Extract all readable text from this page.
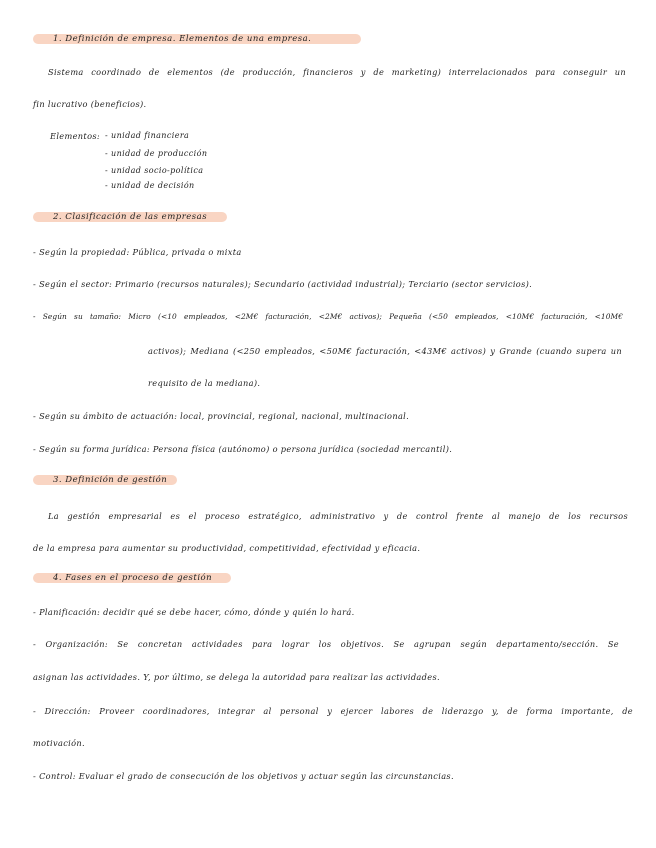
1. Definición de empresa. Elementos de una empresa.
Sistema coordinado de elementos (de producción, financieros y de marketing) interrelacionados para conseguir un
fin lucrativo (beneficios).
Elementos: - unidad financiera
- unidad de producción
- unidad socio-política
- unidad de decisión
2. Clasificación de las empresas
- Según la propiedad: Pública, privada o mixta
- Según el sector: Primario (recursos naturales); Secundario (actividad industrial); Terciario (sector servicios).
- Según su tamaño: Micro (<10 empleados, <2M€ facturación, <2M€ activos); Pequeña (<50 empleados, <10M€ facturación, <10M€
activos); Mediana (<250 empleados, <50M€ facturación, <43M€ activos) y Grande (cuando supera un
requisito de la mediana).
- Según su ámbito de actuación: local, provincial, regional, nacional, multinacional.
- Según su forma jurídica: Persona física (autónomo) o persona jurídica (sociedad mercantil).
3. Definición de gestión
La gestión empresarial es el proceso estratégico, administrativo y de control frente al manejo de los recursos
de la empresa para aumentar su productividad, competitividad, efectividad y eficacia.
4. Fases en el proceso de gestión
- Planificación: decidir qué se debe hacer, cómo, dónde y quién lo hará.
- Organización: Se concretan actividades para lograr los objetivos. Se agrupan según departamento/sección. Se
asignan las actividades. Y, por último, se delega la autoridad para realizar las actividades.
- Dirección: Proveer coordinadores, integrar al personal y ejercer labores de liderazgo y, de forma importante, de
motivación.
- Control: Evaluar el grado de consecución de los objetivos y actuar según las circunstancias.
